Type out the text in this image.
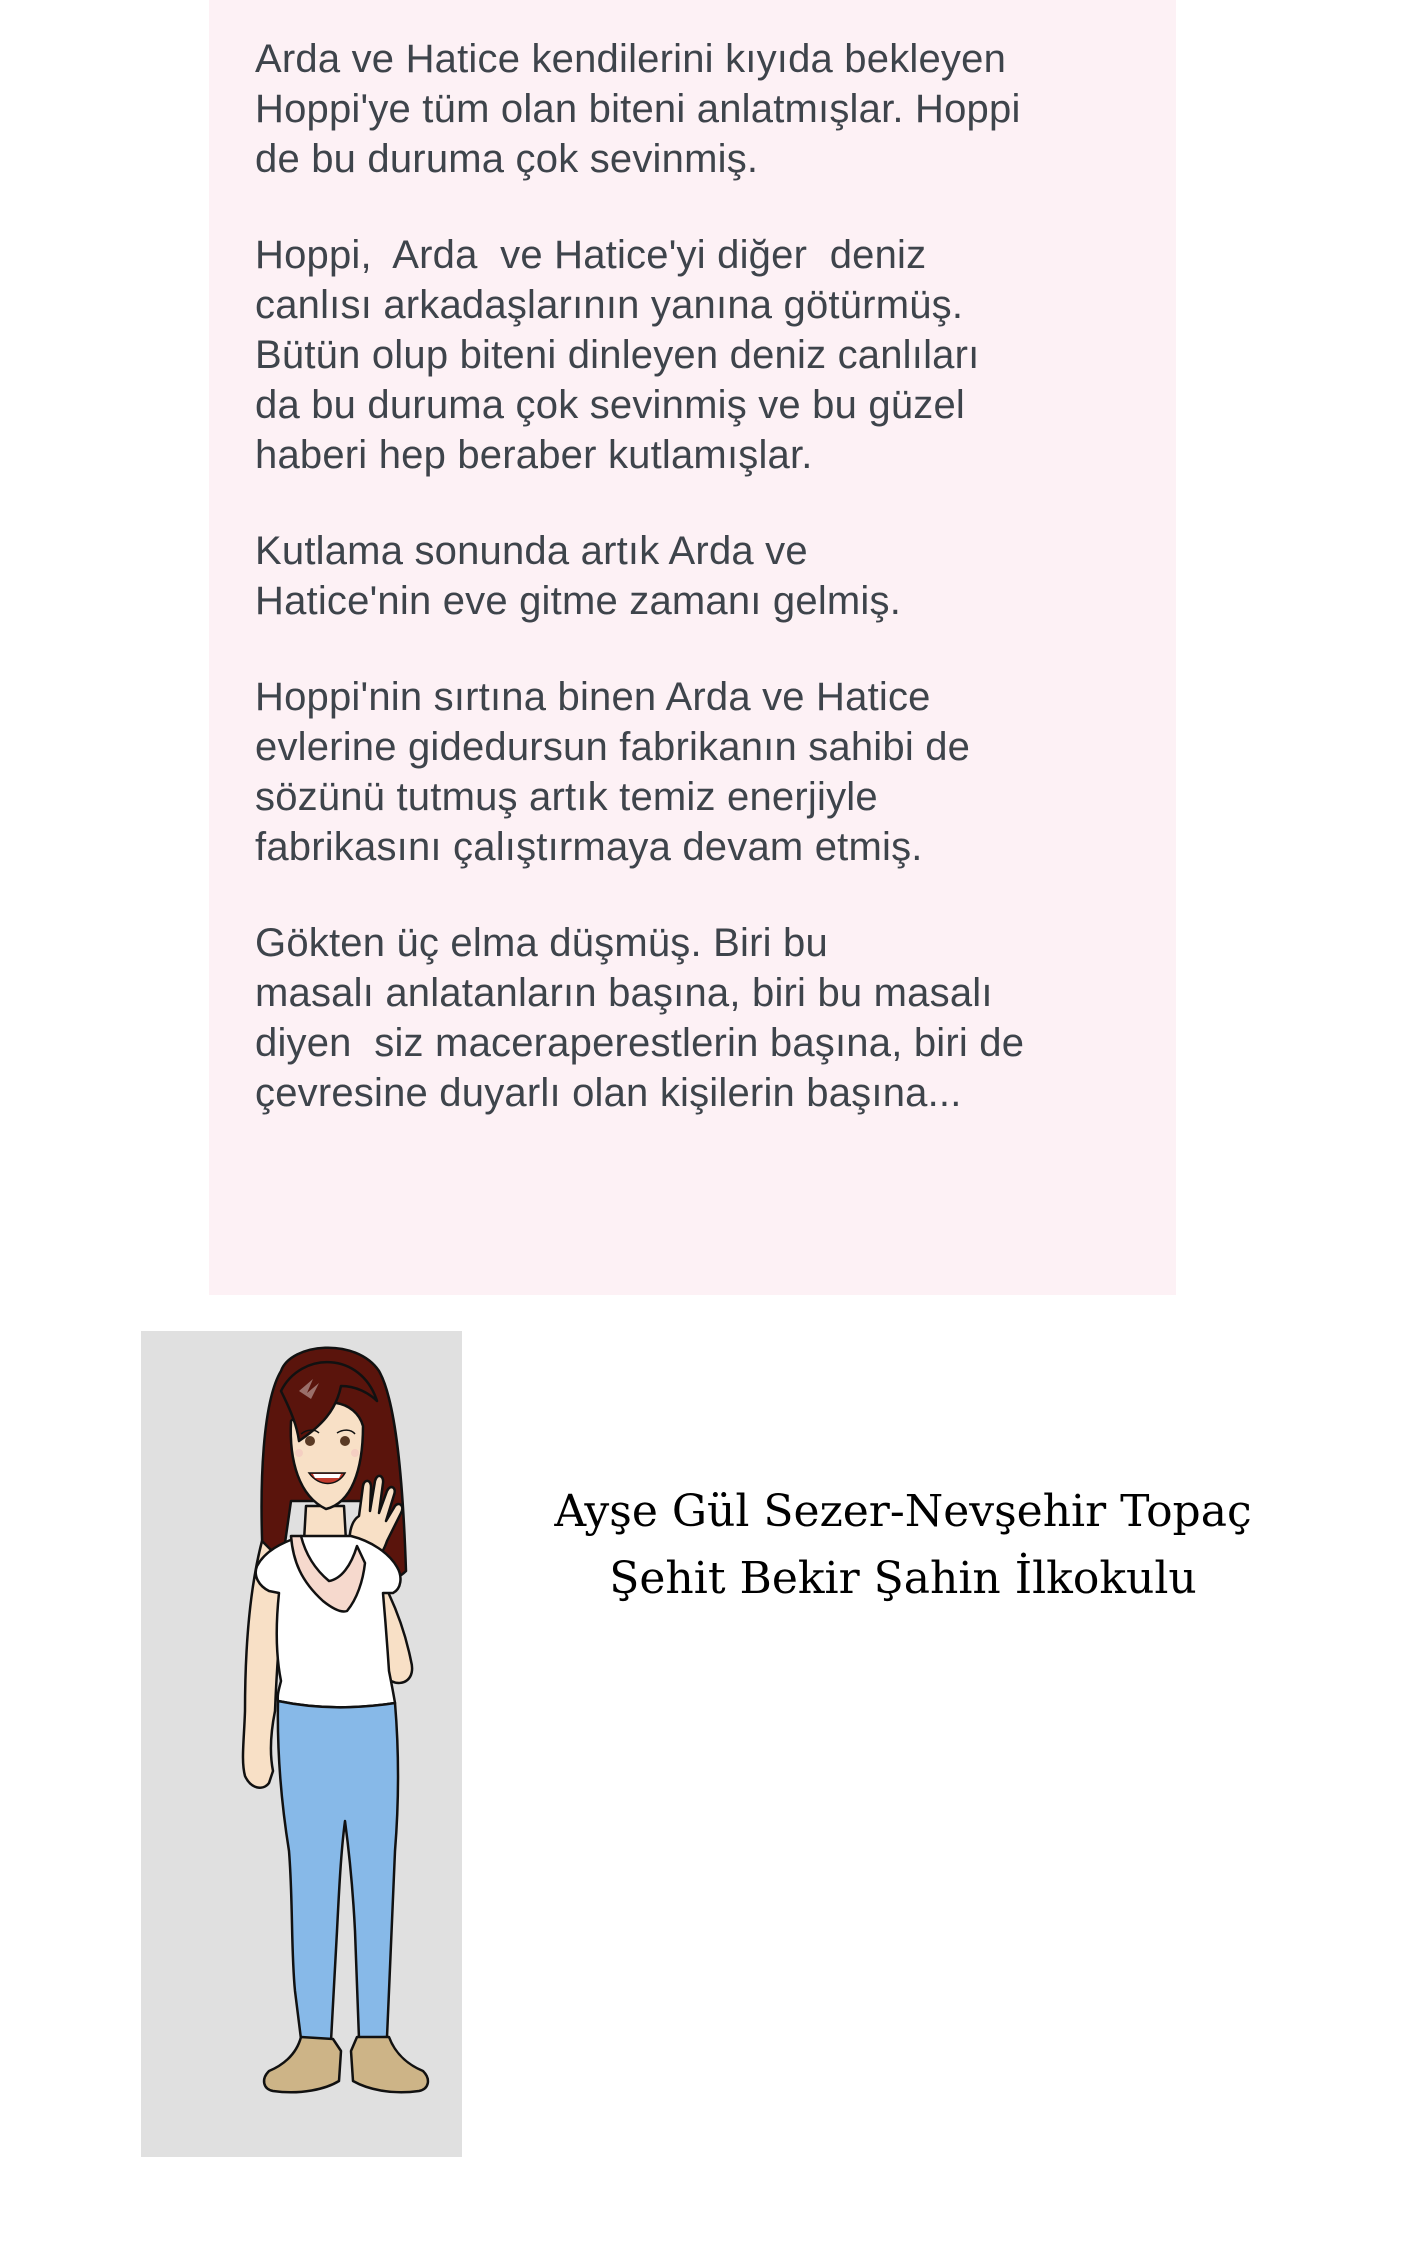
Arda ve Hatice kendilerini kıyıda bekleyen
Hoppi'ye tüm olan biteni anlatmışlar. Hoppi
de bu duruma çok sevinmiş.

Hoppi,  Arda  ve Hatice'yi diğer  deniz
canlısı arkadaşlarının yanına götürmüş.
Bütün olup biteni dinleyen deniz canlıları
da bu duruma çok sevinmiş ve bu güzel
haberi hep beraber kutlamışlar.

Kutlama sonunda artık Arda ve
Hatice'nin eve gitme zamanı gelmiş.

Hoppi'nin sırtına binen Arda ve Hatice
evlerine gidedursun fabrikanın sahibi de
sözünü tutmuş artık temiz enerjiyle
fabrikasını çalıştırmaya devam etmiş.

Gökten üç elma düşmüş. Biri bu
masalı anlatanların başına, biri bu masalı
diyen  siz maceraperestlerin başına, biri de
çevresine duyarlı olan kişilerin başına...

Ayşe Gül Sezer-Nevşehir Topaç
Şehit Bekir Şahin İlkokulu
